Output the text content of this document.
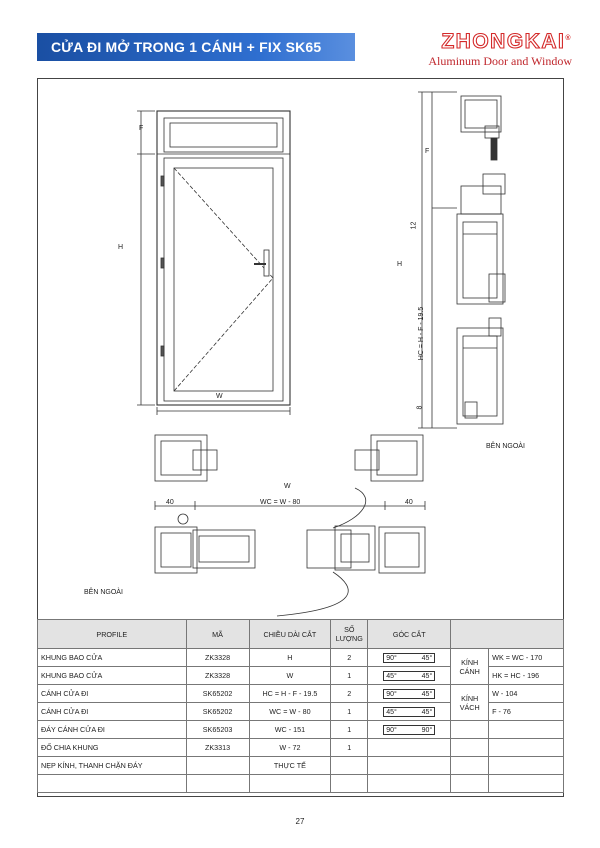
CỬA ĐI MỞ TRONG 1 CÁNH + FIX SK65	ZHONGKAI®
Aluminum Door and Window
F
H
W
F
12
H
HC = H - F - 19.5
8
BÊN NGOÀI
W
40	WC = W - 80	40
BÊN NGOÀI
PROFILE	MÃ	CHIỀU DÀI CẮT	SỐ LƯỢNG	GÓC CẮT		
KHUNG BAO CỬA	ZK3328	H	2	90° 45°	KÍNH CÁNH	WK = WC - 170
KHUNG BAO CỬA	ZK3328	W	1	45° 45°		HK = HC - 196
CÁNH CỬA ĐI	SK65202	HC = H - F - 19.5	2	90° 45°	KÍNH VÁCH	W - 104
CÁNH CỬA ĐI	SK65202	WC = W - 80	1	45° 45°		F - 76
ĐÁY CÁNH CỬA ĐI	SK65203	WC - 151	1	90° 90°		

ĐỐ CHIA KHUNG	ZK3313	W - 72	1			
NẸP KÍNH, THANH CHẶN ĐÁY		THỰC TẾ				

27
